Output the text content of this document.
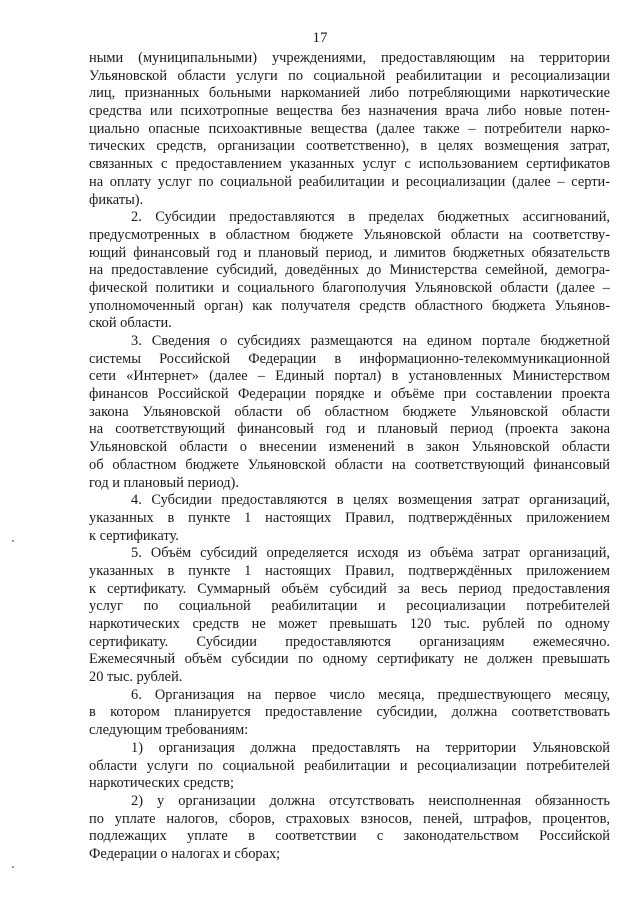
17
ными (муниципальными) учреждениями, предоставляющим на территории
Ульяновской области услуги по социальной реабилитации и ресоциализации
лиц, признанных больными наркоманией либо потребляющими наркотические
средства или психотропные вещества без назначения врача либо новые потен-
циально опасные психоактивные вещества (далее также – потребители нарко-
тических средств, организации соответственно), в целях возмещения затрат,
связанных с предоставлением указанных услуг с использованием сертификатов
на оплату услуг по социальной реабилитации и ресоциализации (далее – серти-
фикаты).
2. Субсидии предоставляются в пределах бюджетных ассигнований,
предусмотренных в областном бюджете Ульяновской области на соответству-
ющий финансовый год и плановый период, и лимитов бюджетных обязательств
на предоставление субсидий, доведённых до Министерства семейной, демогра-
фической политики и социального благополучия Ульяновской области (далее –
уполномоченный орган) как получателя средств областного бюджета Ульянов-
ской области.
3. Сведения о субсидиях размещаются на едином портале бюджетной
системы Российской Федерации в информационно-телекоммуникационной
сети «Интернет» (далее – Единый портал) в установленных Министерством
финансов Российской Федерации порядке и объёме при составлении проекта
закона Ульяновской области об областном бюджете Ульяновской области
на соответствующий финансовый год и плановый период (проекта закона
Ульяновской области о внесении изменений в закон Ульяновской области
об областном бюджете Ульяновской области на соответствующий финансовый
год и плановый период).
4. Субсидии предоставляются в целях возмещения затрат организаций,
указанных в пункте 1 настоящих Правил, подтверждённых приложением
к сертификату.
5. Объём субсидий определяется исходя из объёма затрат организаций,
указанных в пункте 1 настоящих Правил, подтверждённых приложением
к сертификату. Суммарный объём субсидий за весь период предоставления
услуг по социальной реабилитации и ресоциализации потребителей
наркотических средств не может превышать 120 тыс. рублей по одному
сертификату. Субсидии предоставляются организациям ежемесячно.
Ежемесячный объём субсидии по одному сертификату не должен превышать
20 тыс. рублей.
6. Организация на первое число месяца, предшествующего месяцу,
в котором планируется предоставление субсидии, должна соответствовать
следующим требованиям:
1) организация должна предоставлять на территории Ульяновской
области услуги по социальной реабилитации и ресоциализации потребителей
наркотических средств;
2) у организации должна отсутствовать неисполненная обязанность
по уплате налогов, сборов, страховых взносов, пеней, штрафов, процентов,
подлежащих уплате в соответствии с законодательством Российской
Федерации о налогах и сборах;
